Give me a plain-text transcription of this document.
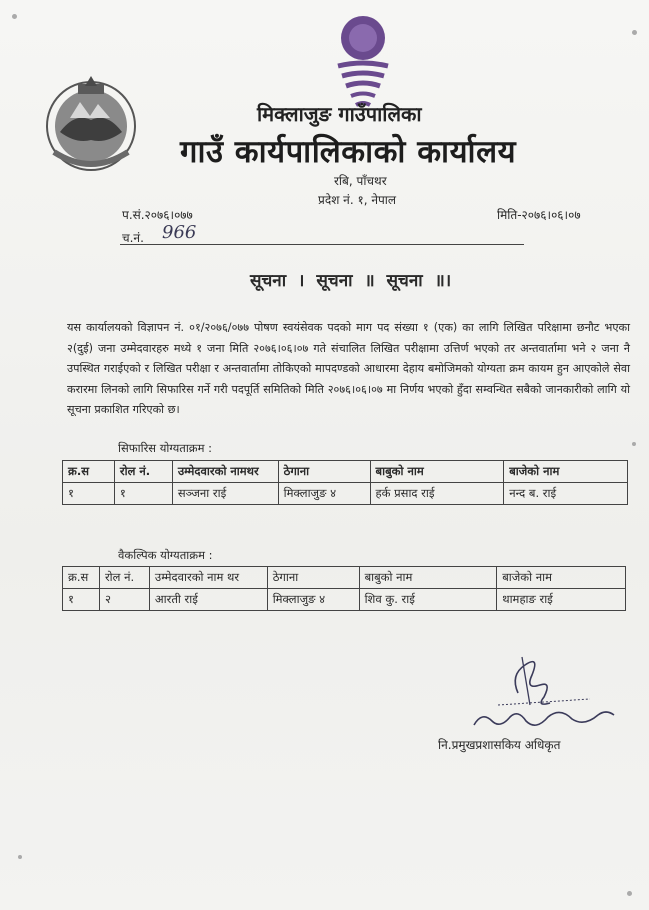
मिक्लाजुङ गाउँपालिका
गाउँ कार्यपालिकाको कार्यालय
रबि, पाँचथर
प्रदेश नं. १, नेपाल
प.सं.२०७६।०७७	मिति-२०७६।०६।०७
च.नं. 966
सूचना । सूचना ॥ सूचना ॥।
यस कार्यालयको विज्ञापन नं. ०१/२०७६/०७७ पोषण स्वयंसेवक पदको माग पद संख्या १ (एक) का लागि लिखित परिक्षामा छनौट भएका २(दुई) जना उम्मेदवारहरु मध्ये १ जना मिति २०७६।०६।०७ गते संचालित लिखित परीक्षामा उत्तिर्ण भएको तर अन्तवार्तामा भने २ जना नै उपस्थित गराईएको र लिखित परीक्षा र अन्तवार्तामा तोकिएको मापदण्डको आधारमा देहाय बमोजिमको योग्यता क्रम कायम हुन आएकोले सेवा करारमा लिनको लागि सिफारिस गर्ने गरी पदपूर्ति समितिको मिति २०७६।०६।०७ मा निर्णय भएको हुँदा सम्वन्धित सबैको जानकारीको लागि यो सूचना प्रकाशित गरिएको छ।
सिफारिस योग्यताक्रम :
क्र.स	रोल नं.	उम्मेदवारको नामथर	ठेगाना	बाबुको नाम	बाजेको नाम
१	१	सञ्जना राई	मिक्लाजुङ ४	हर्क प्रसाद राई	नन्द ब. राई
वैकल्पिक योग्यताक्रम :
क्र.स	रोल नं.	उम्मेदवारको नाम थर	ठेगाना	बाबुको नाम	बाजेको नाम
१	२	आरती राई	मिक्लाजुङ ४	शिव कु. राई	थामहाङ राई
नि.प्रमुखप्रशासकिय अधिकृत
